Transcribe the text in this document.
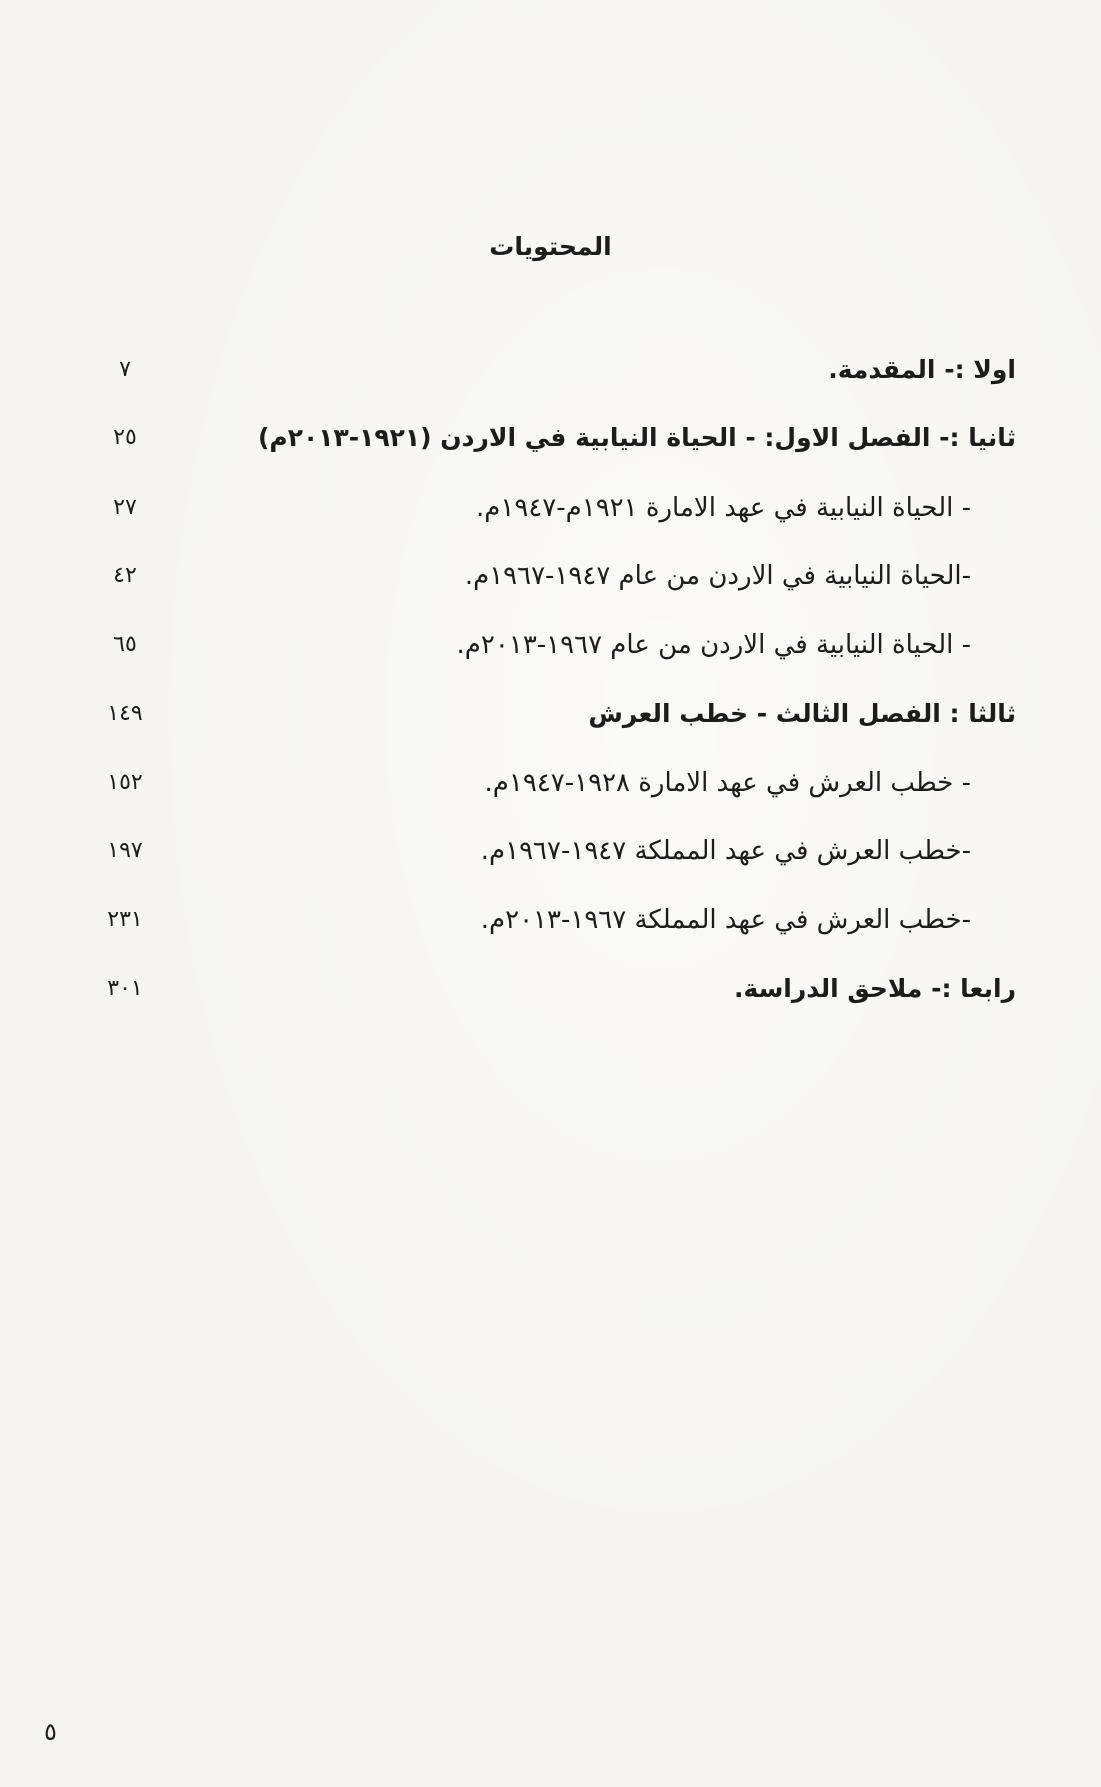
المحتويات
اولا :- المقدمة.
٧
ثانيا :- الفصل الاول: - الحياة النيابية في الاردن (١٩٢١-٢٠١٣م)
٢٥
- الحياة النيابية في عهد الامارة ١٩٢١م-١٩٤٧م.
٢٧
-الحياة النيابية في الاردن من عام ١٩٤٧-١٩٦٧م.
٤٢
- الحياة النيابية في الاردن من عام ١٩٦٧-٢٠١٣م.
٦٥
ثالثا : الفصل الثالث - خطب العرش
١٤٩
- خطب العرش في عهد الامارة ١٩٢٨-١٩٤٧م.
١٥٢
-خطب العرش في عهد المملكة ١٩٤٧-١٩٦٧م.
١٩٧
-خطب العرش في عهد المملكة ١٩٦٧-٢٠١٣م.
٢٣١
رابعا :- ملاحق الدراسة.
٣٠١
٥
